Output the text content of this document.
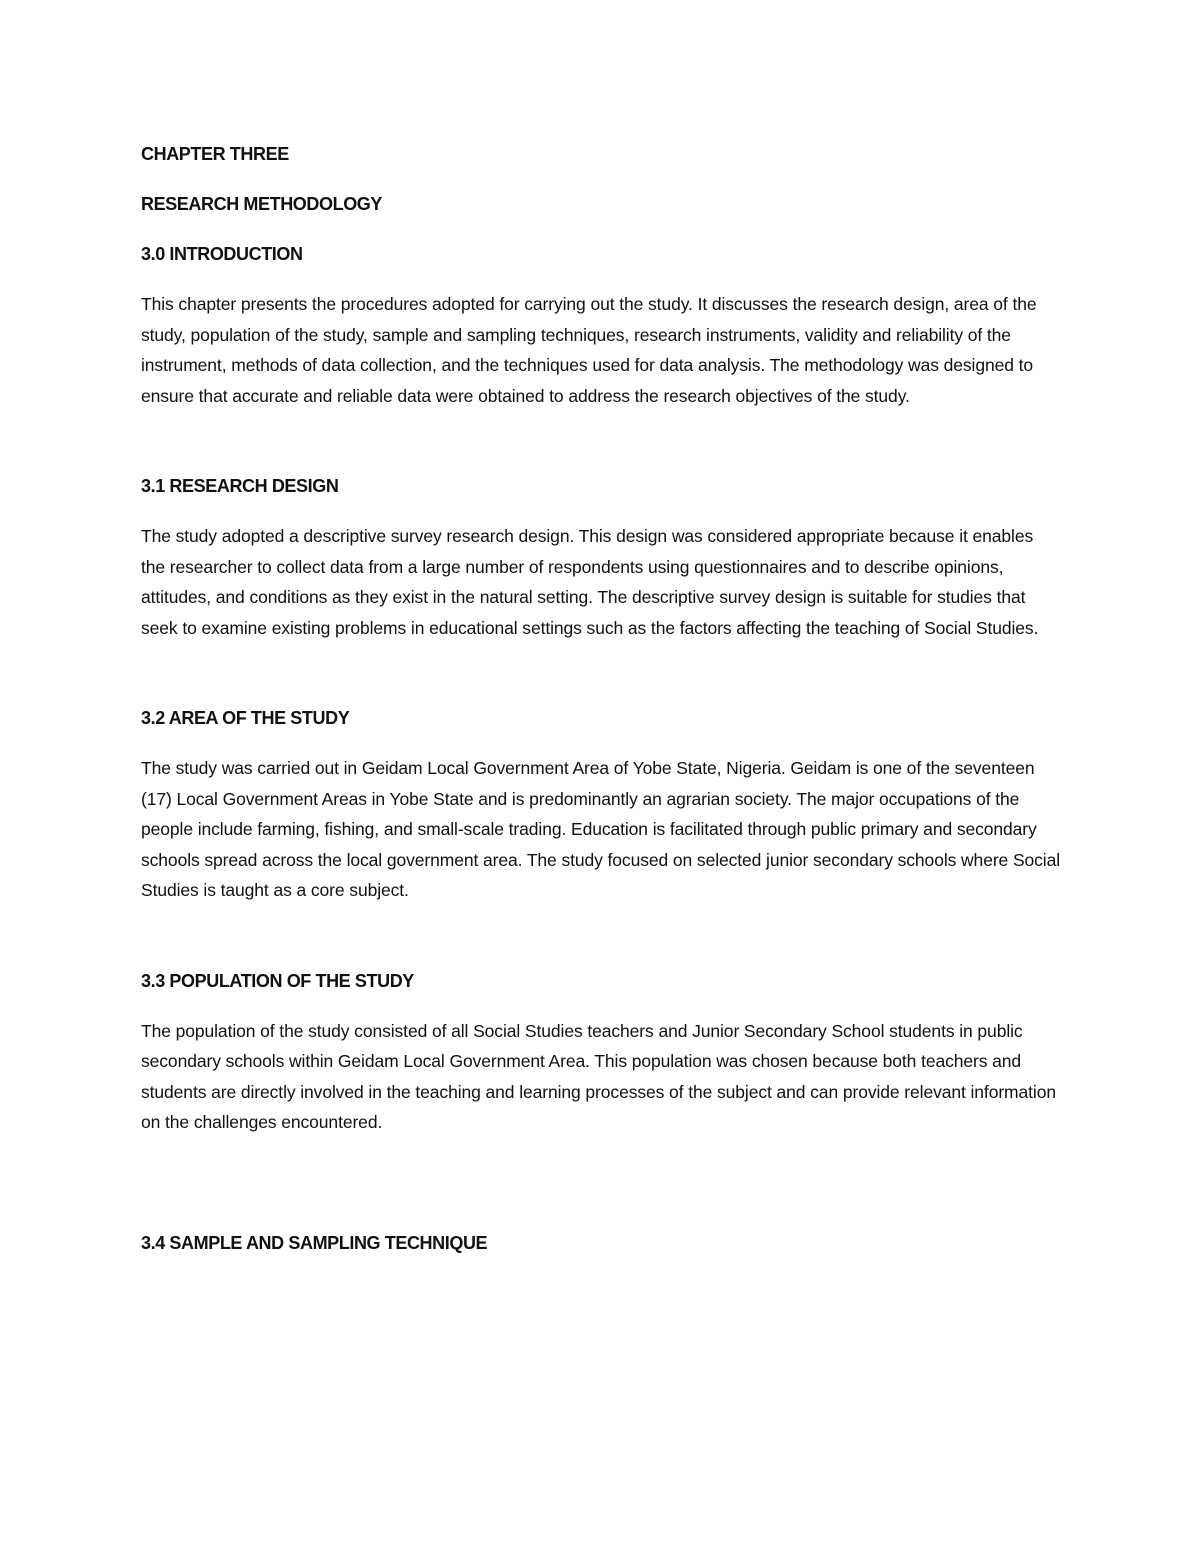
CHAPTER THREE
RESEARCH METHODOLOGY
3.0 INTRODUCTION

This chapter presents the procedures adopted for carrying out the study. It discusses the research design, area of the study, population of the study, sample and sampling techniques, research instruments, validity and reliability of the instrument, methods of data collection, and the techniques used for data analysis. The methodology was designed to ensure that accurate and reliable data were obtained to address the research objectives of the study.

3.1 RESEARCH DESIGN

The study adopted a descriptive survey research design. This design was considered appropriate because it enables the researcher to collect data from a large number of respondents using questionnaires and to describe opinions, attitudes, and conditions as they exist in the natural setting. The descriptive survey design is suitable for studies that seek to examine existing problems in educational settings such as the factors affecting the teaching of Social Studies.

3.2 AREA OF THE STUDY

The study was carried out in Geidam Local Government Area of Yobe State, Nigeria. Geidam is one of the seventeen (17) Local Government Areas in Yobe State and is predominantly an agrarian society. The major occupations of the people include farming, fishing, and small-scale trading. Education is facilitated through public primary and secondary schools spread across the local government area. The study focused on selected junior secondary schools where Social Studies is taught as a core subject.

3.3 POPULATION OF THE STUDY

The population of the study consisted of all Social Studies teachers and Junior Secondary School students in public secondary schools within Geidam Local Government Area. This population was chosen because both teachers and students are directly involved in the teaching and learning processes of the subject and can provide relevant information on the challenges encountered.

3.4 SAMPLE AND SAMPLING TECHNIQUE
